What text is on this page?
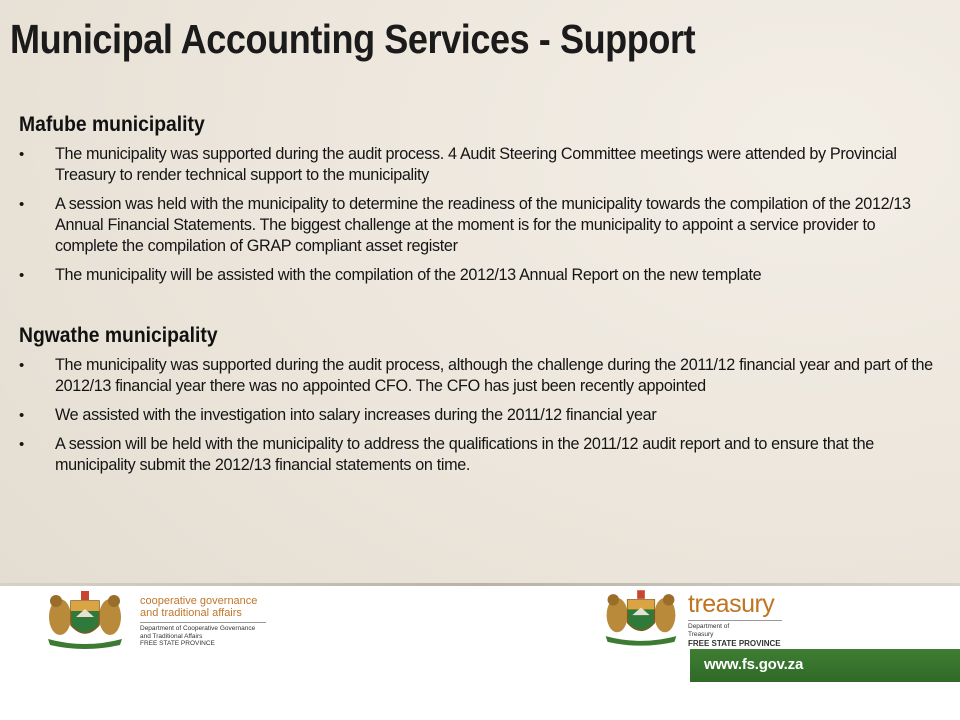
Municipal Accounting Services - Support
Mafube municipality
• The municipality was supported during the audit process. 4 Audit Steering Committee meetings were attended by Provincial Treasury to render technical support to the municipality
• A session was held with the municipality to determine the readiness of the municipality towards the compilation of the 2012/13 Annual Financial Statements. The biggest challenge at the moment is for the municipality to appoint a service provider to complete the compilation of GRAP compliant asset register
• The municipality will be assisted with the compilation of the 2012/13 Annual Report on the new template
Ngwathe municipality
• The municipality was supported during the audit process, although the challenge during the 2011/12 financial year and part of the 2012/13 financial year there was no appointed CFO. The CFO has just been recently appointed
• We assisted with the investigation into salary increases during the 2011/12 financial year
• A session will be held with the municipality to address the qualifications in the 2011/12 audit report and to ensure that the municipality submit the 2012/13 financial statements on time.
cooperative governance
and traditional affairs
Department of Cooperative Governance
and Traditional Affairs
FREE STATE PROVINCE
treasury
Department of
Treasury
FREE STATE PROVINCE
www.fs.gov.za
